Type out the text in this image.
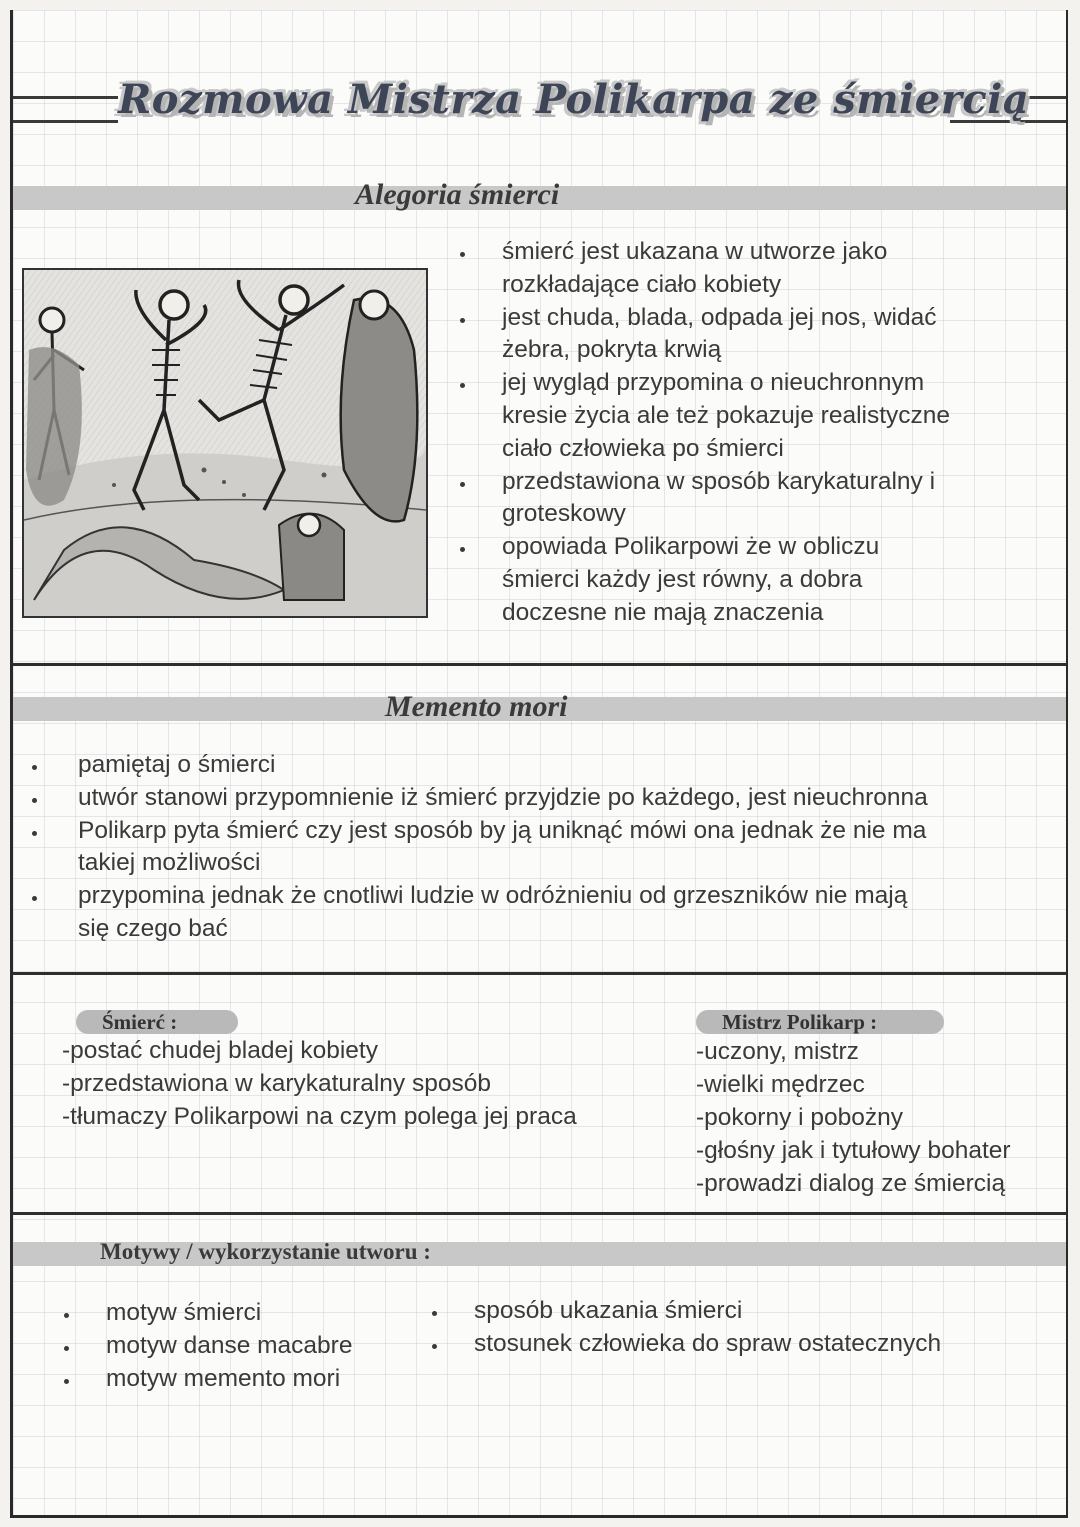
Rozmowa Mistrza Polikarpa ze śmiercią
Alegoria śmierci
śmierć jest ukazana w utworze jako
rozkładające ciało kobiety
jest chuda, blada, odpada jej nos, widać
żebra, pokryta krwią
jej wygląd przypomina o nieuchronnym
kresie życia ale też pokazuje realistyczne
ciało człowieka po śmierci
przedstawiona w sposób karykaturalny i
groteskowy
opowiada Polikarpowi że w obliczu
śmierci każdy jest równy, a dobra
doczesne nie mają znaczenia
Memento mori
pamiętaj o śmierci
utwór stanowi przypomnienie iż śmierć przyjdzie po każdego, jest nieuchronna
Polikarp pyta śmierć czy jest sposób by ją uniknąć mówi ona jednak że nie ma
takiej możliwości
przypomina jednak że cnotliwi ludzie w odróżnieniu od grzeszników nie mają
się czego bać
Śmierć :
-postać chudej bladej kobiety
-przedstawiona w karykaturalny sposób
-tłumaczy Polikarpowi na czym polega jej praca
Mistrz Polikarp :
-uczony, mistrz
-wielki mędrzec
-pokorny i pobożny
-głośny jak i tytułowy bohater
-prowadzi dialog ze śmiercią
Motywy / wykorzystanie utworu :
motyw śmierci
motyw danse macabre
motyw memento mori
sposób ukazania śmierci
stosunek człowieka do spraw ostatecznych
